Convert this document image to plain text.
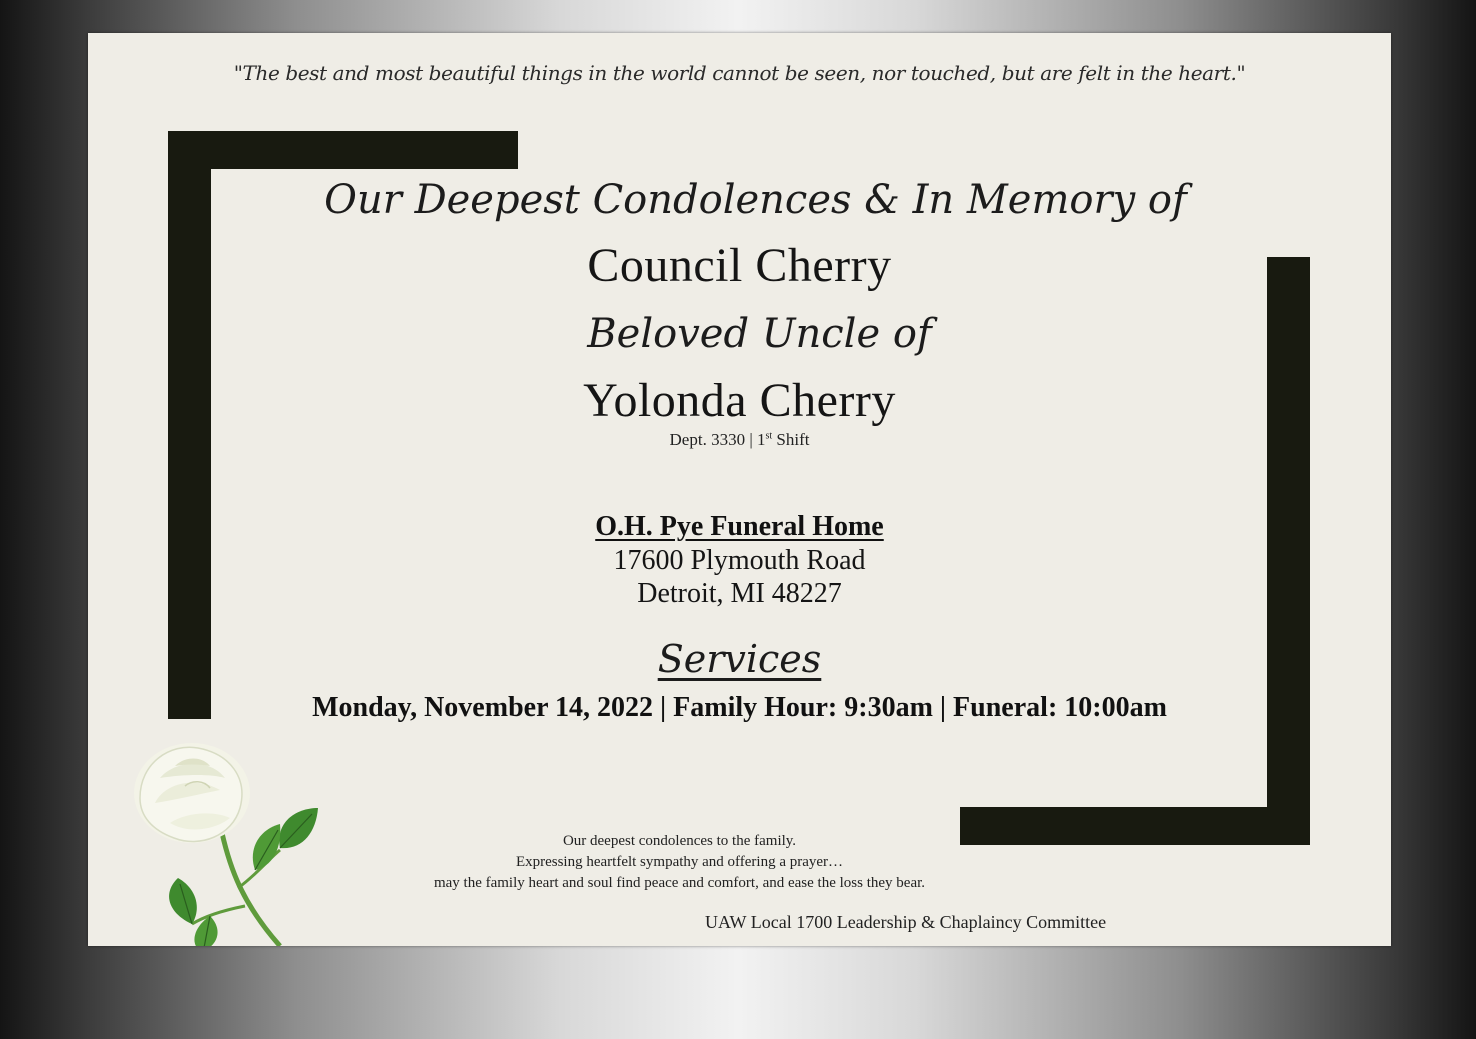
"The best and most beautiful things in the world cannot be seen, nor touched, but are felt in the heart."
Our Deepest Condolences & In Memory of
Council Cherry
Beloved Uncle of
Yolonda Cherry
Dept. 3330 | 1st Shift
O.H. Pye Funeral Home
17600 Plymouth Road
Detroit, MI 48227
Services
Monday, November 14, 2022 | Family Hour: 9:30am | Funeral: 10:00am
Our deepest condolences to the family.
Expressing heartfelt sympathy and offering a prayer…
may the family heart and soul find peace and comfort, and ease the loss they bear.
UAW Local 1700 Leadership & Chaplaincy Committee
